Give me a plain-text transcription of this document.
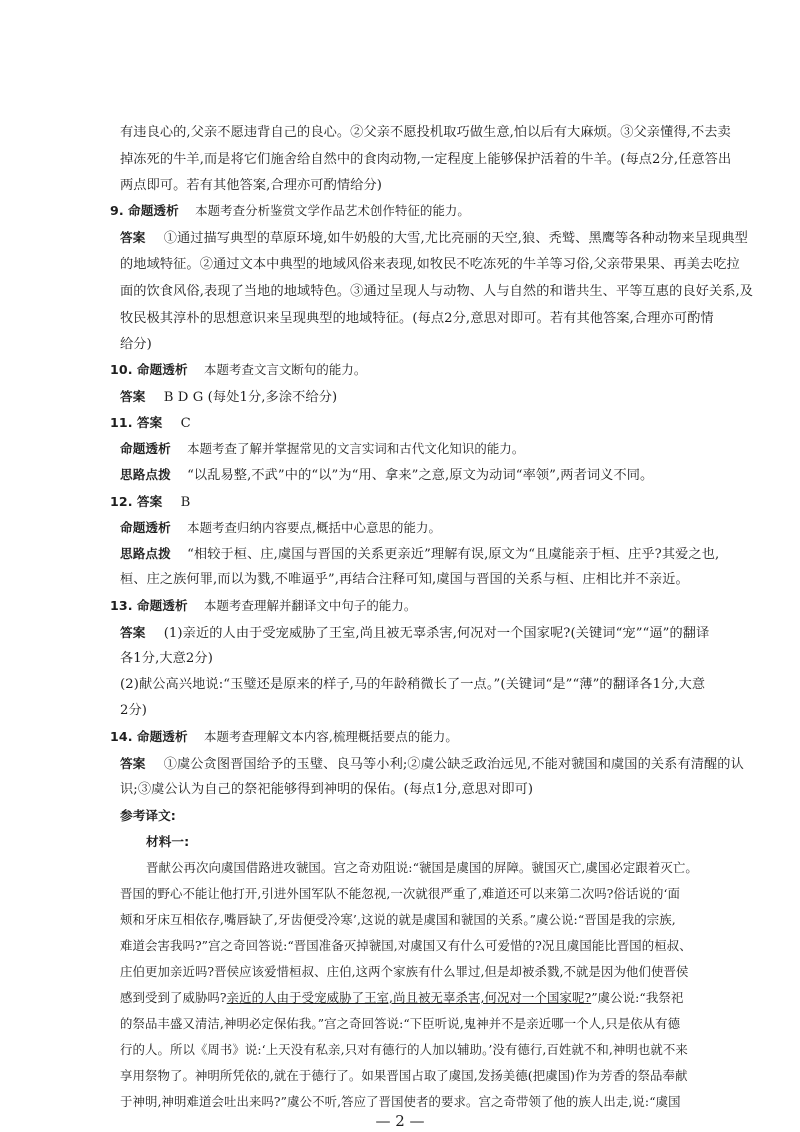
有违良心的,父亲不愿违背自己的良心。②父亲不愿投机取巧做生意,怕以后有大麻烦。③父亲懂得,不去卖
掉冻死的牛羊,而是将它们施舍给自然中的食肉动物,一定程度上能够保护活着的牛羊。(每点2分,任意答出
两点即可。若有其他答案,合理亦可酌情给分)
9. 命题透析 本题考查分析鉴赏文学作品艺术创作特征的能力。
答案 ①通过描写典型的草原环境,如牛奶般的大雪,尤比亮丽的天空,狼、秃鹫、黑鹰等各种动物来呈现典型
的地域特征。②通过文本中典型的地域风俗来表现,如牧民不吃冻死的牛羊等习俗,父亲带果果、再美去吃拉
面的饮食风俗,表现了当地的地域特色。③通过呈现人与动物、人与自然的和谐共生、平等互惠的良好关系,及
牧民极其淳朴的思想意识来呈现典型的地域特征。(每点2分,意思对即可。若有其他答案,合理亦可酌情
给分)
10. 命题透析 本题考查文言文断句的能力。
答案 B D G (每处1分,多涂不给分)
11. 答案 C
命题透析 本题考查了解并掌握常见的文言实词和古代文化知识的能力。
思路点拨 “以乱易整,不武”中的“以”为“用、拿来”之意,原文为动词“率领”,两者词义不同。
12. 答案 B
命题透析 本题考查归纳内容要点,概括中心意思的能力。
思路点拨 “相较于桓、庄,虞国与晋国的关系更亲近”理解有误,原文为“且虞能亲于桓、庄乎?其爱之也,
桓、庄之族何罪,而以为戮,不唯逼乎”,再结合注释可知,虞国与晋国的关系与桓、庄相比并不亲近。
13. 命题透析 本题考查理解并翻译文中句子的能力。
答案 (1)亲近的人由于受宠威胁了王室,尚且被无辜杀害,何况对一个国家呢?(关键词“宠”“逼”的翻译
各1分,大意2分)
(2)献公高兴地说:“玉璧还是原来的样子,马的年龄稍微长了一点。”(关键词“是”“薄”的翻译各1分,大意
2分)
14. 命题透析 本题考查理解文本内容,梳理概括要点的能力。
答案 ①虞公贪图晋国给予的玉璧、良马等小利;②虞公缺乏政治远见,不能对虢国和虞国的关系有清醒的认
识;③虞公认为自己的祭祀能够得到神明的保佑。(每点1分,意思对即可)
参考译文:
材料一:
晋献公再次向虞国借路进攻虢国。宫之奇劝阻说:“虢国是虞国的屏障。虢国灭亡,虞国必定跟着灭亡。
晋国的野心不能让他打开,引进外国军队不能忽视,一次就很严重了,难道还可以来第二次吗?俗话说的‘面
颊和牙床互相依存,嘴唇缺了,牙齿便受冷寒’,这说的就是虞国和虢国的关系。”虞公说:“晋国是我的宗族,
难道会害我吗?”宫之奇回答说:“晋国准备灭掉虢国,对虞国又有什么可爱惜的?况且虞国能比晋国的桓叔、
庄伯更加亲近吗?晋侯应该爱惜桓叔、庄伯,这两个家族有什么罪过,但是却被杀戮,不就是因为他们使晋侯
感到受到了威胁吗?亲近的人由于受宠威胁了王室,尚且被无辜杀害,何况对一个国家呢?”虞公说:“我祭祀
的祭品丰盛又清洁,神明必定保佑我。”宫之奇回答说:“下臣听说,鬼神并不是亲近哪一个人,只是依从有德
行的人。所以《周书》说:‘上天没有私亲,只对有德行的人加以辅助。’没有德行,百姓就不和,神明也就不来
享用祭物了。神明所凭依的,就在于德行了。如果晋国占取了虞国,发扬美德(把虞国)作为芳香的祭品奉献
于神明,神明难道会吐出来吗?”虞公不听,答应了晋国使者的要求。宫之奇带领了他的族人出走,说:“虞国
— 2 —
